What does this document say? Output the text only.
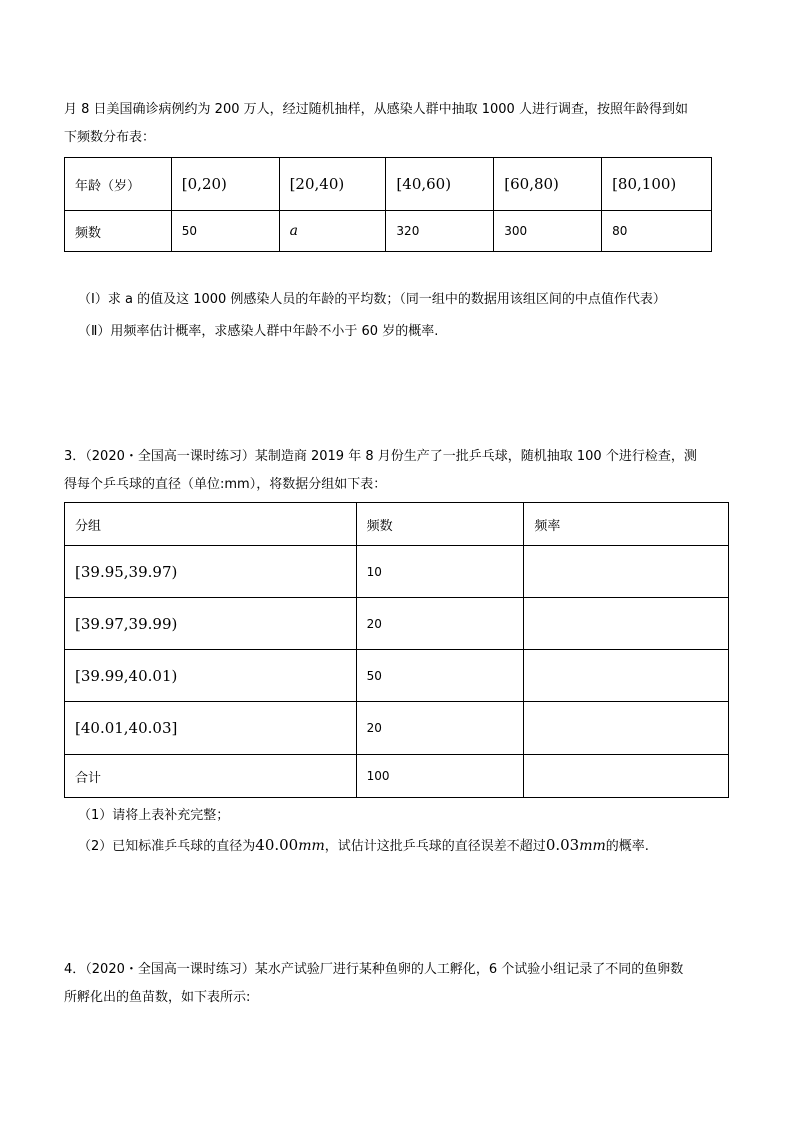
月 8 日美国确诊病例约为 200 万人，经过随机抽样，从感染人群中抽取 1000 人进行调查，按照年龄得到如
下频数分布表：
年龄（岁）	[0,20)	[20,40)	[40,60)	[60,80)	[80,100)
频数	50	a	320	300	80
（Ⅰ）求 a 的值及这 1000 例感染人员的年龄的平均数；（同一组中的数据用该组区间的中点值作代表）
（Ⅱ）用频率估计概率，求感染人群中年龄不小于 60 岁的概率.
3．（2020・全国高一课时练习）某制造商 2019 年 8 月份生产了一批乒乓球，随机抽取 100 个进行检查，测
得每个乒乓球的直径（单位:mm），将数据分组如下表：
分组	频数	频率
[39.95,39.97)	10	
[39.97,39.99)	20	
[39.99,40.01)	50	
[40.01,40.03]	20	
合计	100	
（1）请将上表补充完整；
（2）已知标准乒乓球的直径为40.00mm，试估计这批乒乓球的直径误差不超过0.03mm的概率.
4．（2020・全国高一课时练习）某水产试验厂进行某种鱼卵的人工孵化，6 个试验小组记录了不同的鱼卵数
所孵化出的鱼苗数，如下表所示:
